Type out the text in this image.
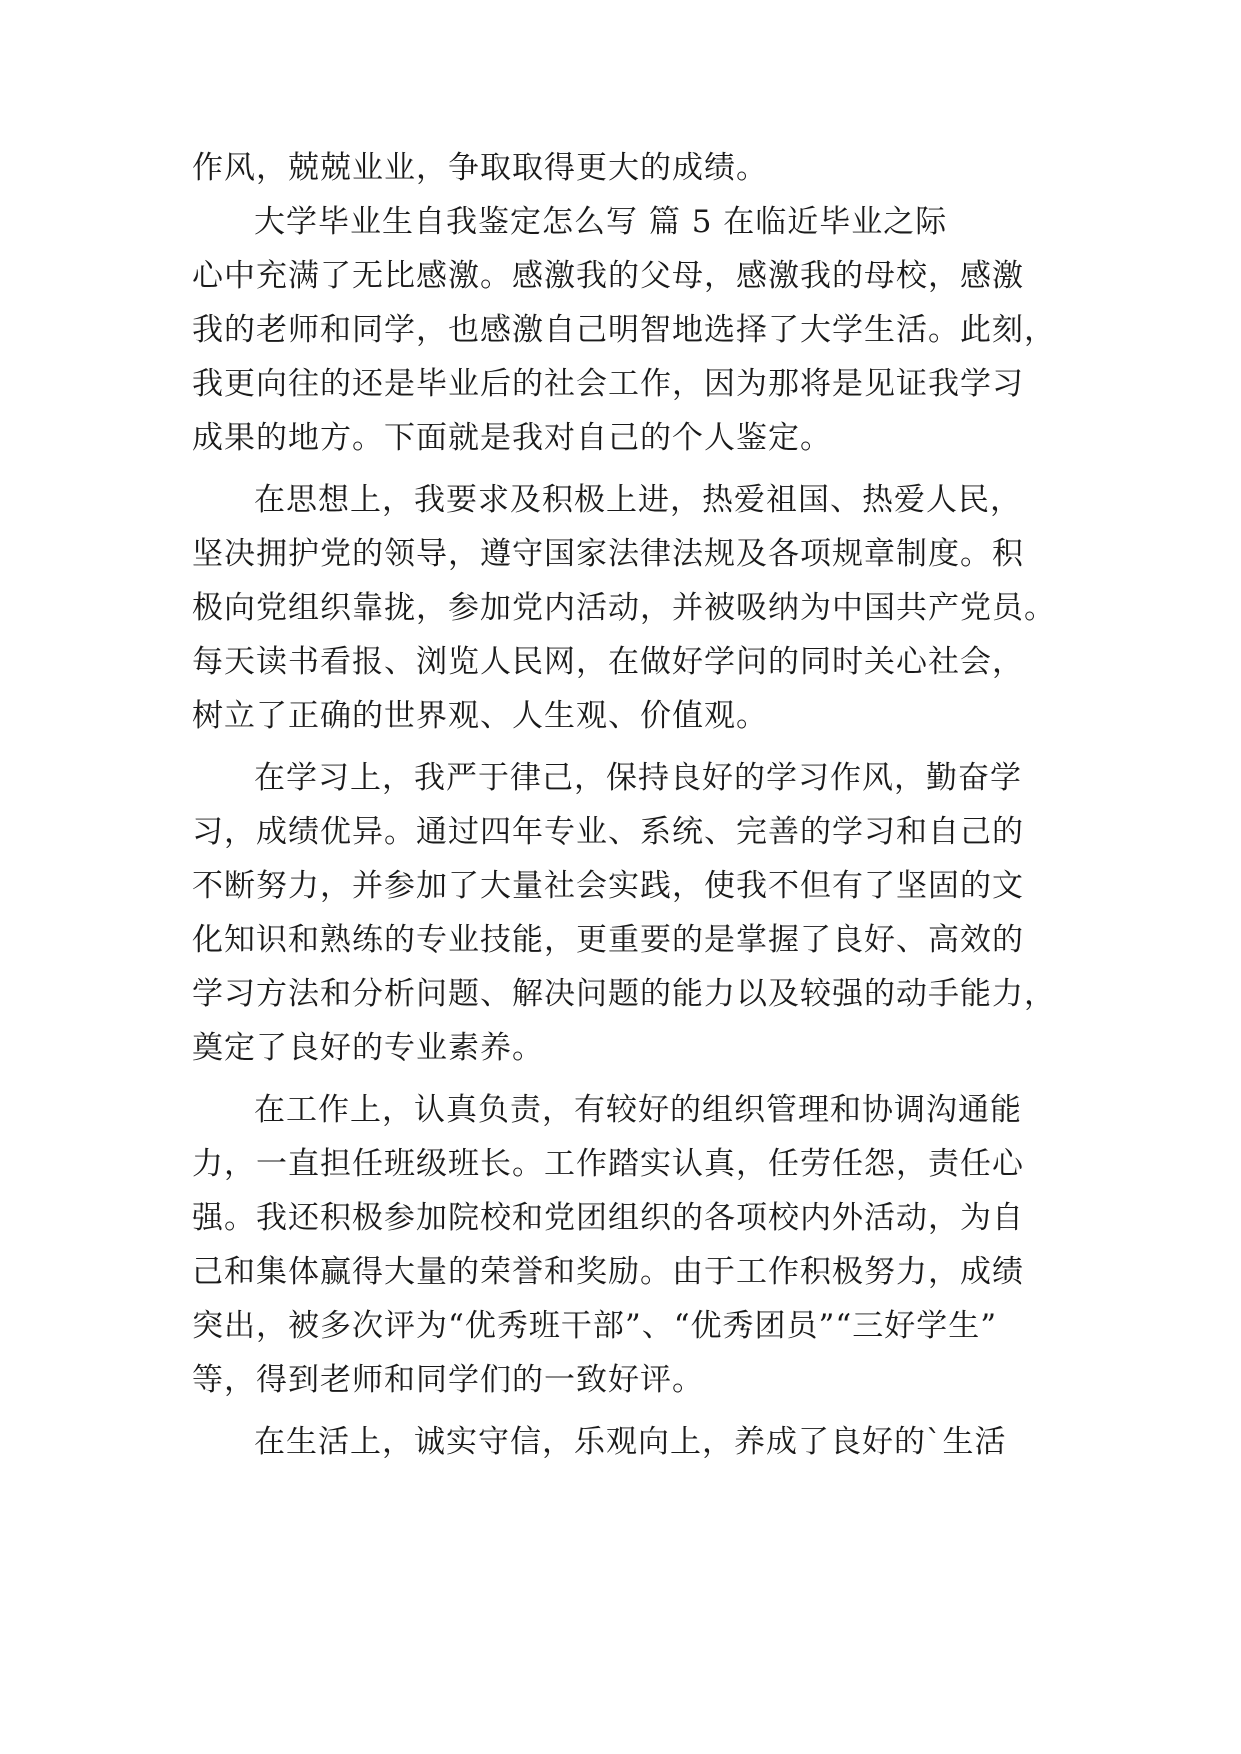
作风，兢兢业业，争取取得更大的成绩。
大学毕业生自我鉴定怎么写 篇 5 在临近毕业之际
心中充满了无比感激。感激我的父母，感激我的母校，感激
我的老师和同学，也感激自己明智地选择了大学生活。此刻，
我更向往的还是毕业后的社会工作，因为那将是见证我学习
成果的地方。下面就是我对自己的个人鉴定。
在思想上，我要求及积极上进，热爱祖国、热爱人民，
坚决拥护党的领导，遵守国家法律法规及各项规章制度。积
极向党组织靠拢，参加党内活动，并被吸纳为中国共产党员。
每天读书看报、浏览人民网，在做好学问的同时关心社会，
树立了正确的世界观、人生观、价值观。
在学习上，我严于律己，保持良好的学习作风，勤奋学
习，成绩优异。通过四年专业、系统、完善的学习和自己的
不断努力，并参加了大量社会实践，使我不但有了坚固的文
化知识和熟练的专业技能，更重要的是掌握了良好、高效的
学习方法和分析问题、解决问题的能力以及较强的动手能力，
奠定了良好的专业素养。
在工作上，认真负责，有较好的组织管理和协调沟通能
力，一直担任班级班长。工作踏实认真，任劳任怨，责任心
强。我还积极参加院校和党团组织的各项校内外活动，为自
己和集体赢得大量的荣誉和奖励。由于工作积极努力，成绩
突出，被多次评为“优秀班干部”、“优秀团员”“三好学生”
等，得到老师和同学们的一致好评。
在生活上，诚实守信，乐观向上，养成了良好的`生活
